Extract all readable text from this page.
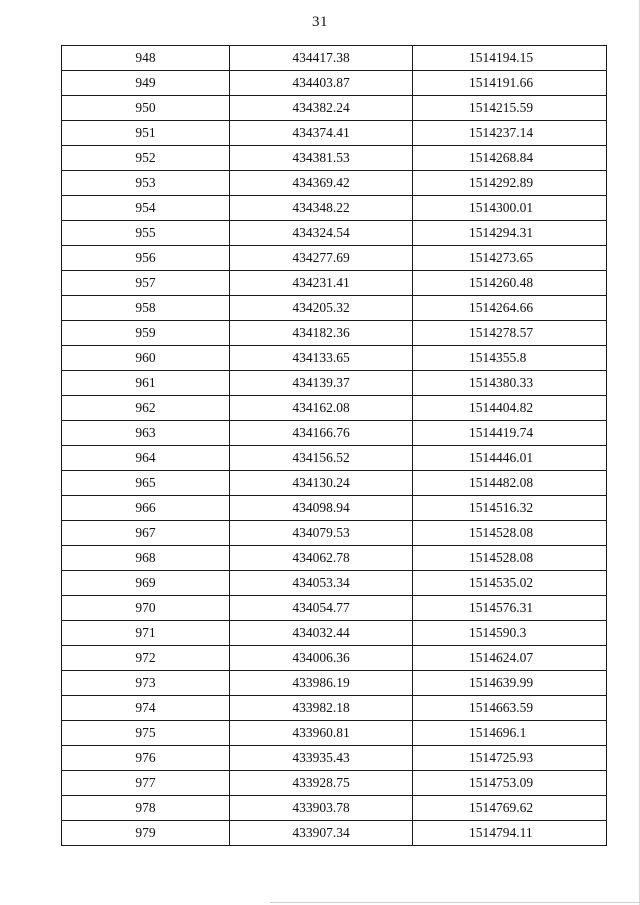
31
948	434417.38	1514194.15
949	434403.87	1514191.66
950	434382.24	1514215.59
951	434374.41	1514237.14
952	434381.53	1514268.84
953	434369.42	1514292.89
954	434348.22	1514300.01
955	434324.54	1514294.31
956	434277.69	1514273.65
957	434231.41	1514260.48
958	434205.32	1514264.66
959	434182.36	1514278.57
960	434133.65	1514355.8
961	434139.37	1514380.33
962	434162.08	1514404.82
963	434166.76	1514419.74
964	434156.52	1514446.01
965	434130.24	1514482.08
966	434098.94	1514516.32
967	434079.53	1514528.08
968	434062.78	1514528.08
969	434053.34	1514535.02
970	434054.77	1514576.31
971	434032.44	1514590.3
972	434006.36	1514624.07
973	433986.19	1514639.99
974	433982.18	1514663.59
975	433960.81	1514696.1
976	433935.43	1514725.93
977	433928.75	1514753.09
978	433903.78	1514769.62
979	433907.34	1514794.11
